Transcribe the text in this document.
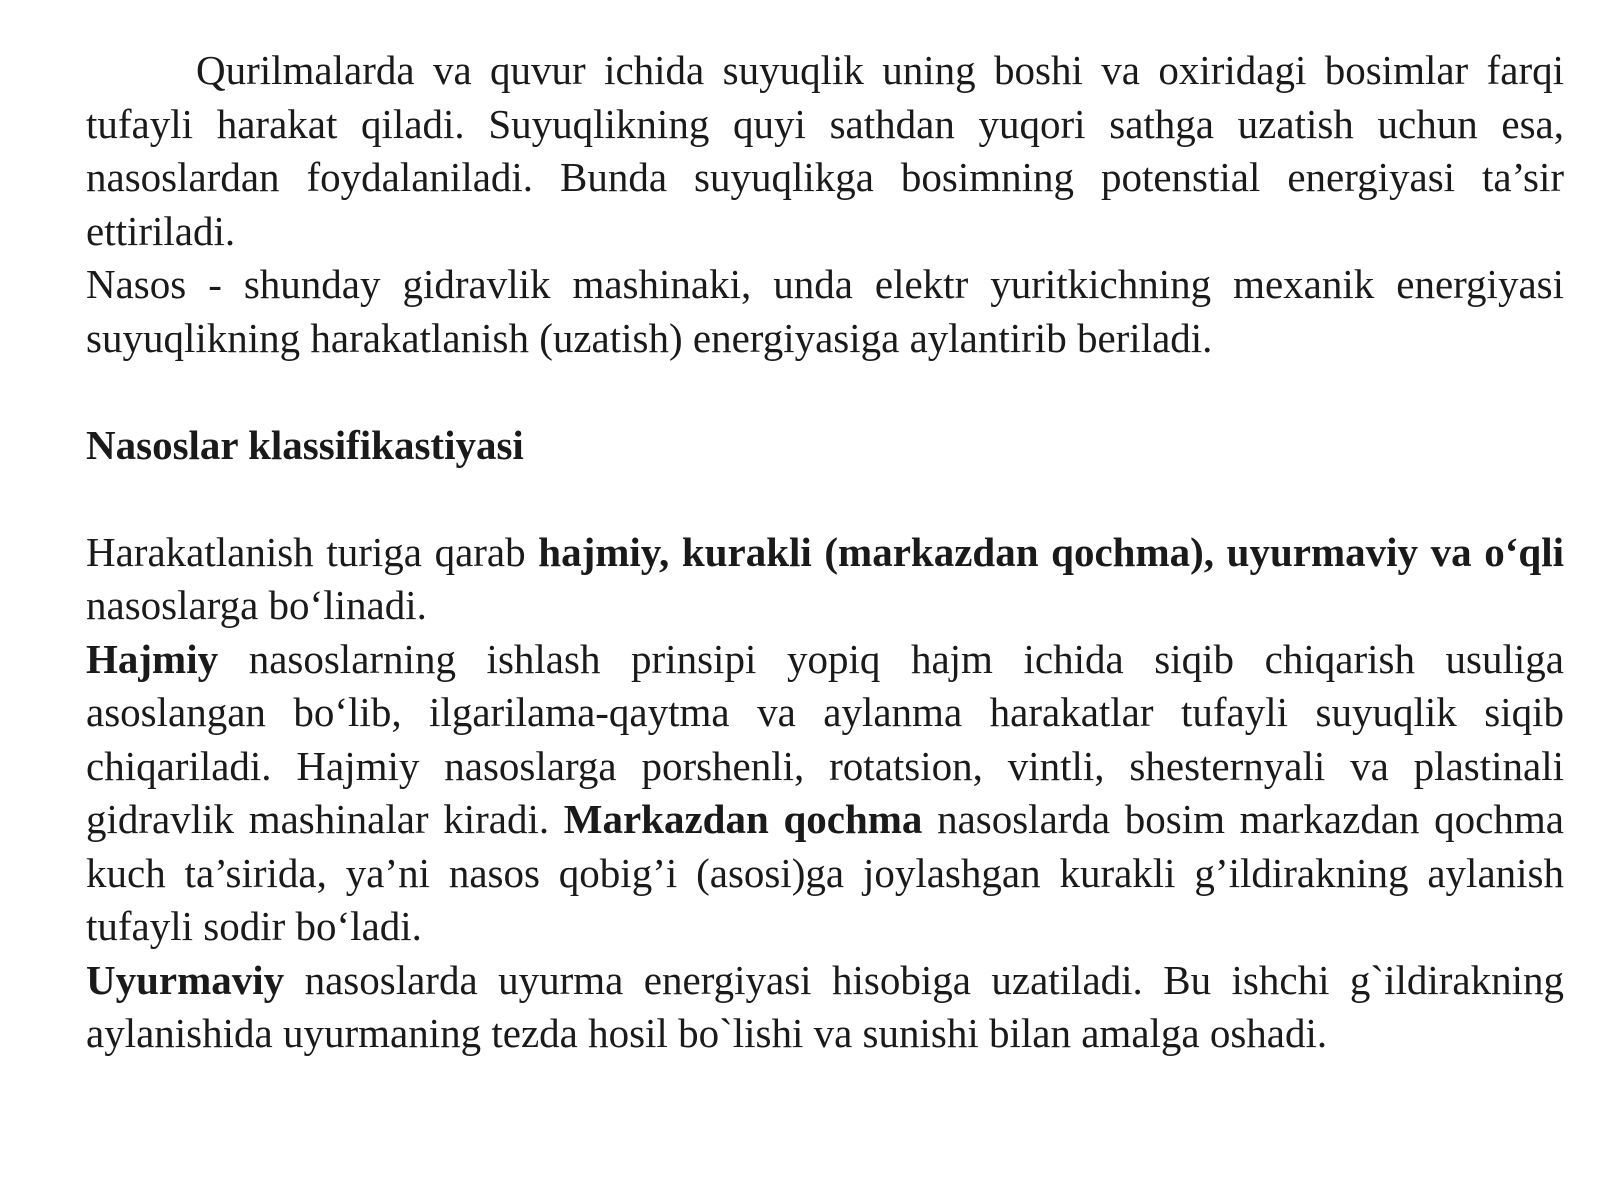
Qurilmalarda va quvur ichida suyuqlik uning boshi va oxiridagi bosimlar farqi tufayli harakat qiladi. Suyuqlikning quyi sathdan yuqori sathga uzatish uchun esa, nasoslardan foydalaniladi. Bunda suyuqlikga bosimning potenstial energiyasi ta’sir ettiriladi.

Nasos - shunday gidravlik mashinaki, unda elektr yuritkichning mexanik energiyasi suyuqlikning harakatlanish (uzatish) energiyasiga aylantirib beriladi.

Nasoslar klassifikastiyasi

Harakatlanish turiga qarab hajmiy, kurakli (markazdan qochma), uyurmaviy va o‘qli nasoslarga bo‘linadi.

Hajmiy nasoslarning ishlash prinsipi yopiq hajm ichida siqib chiqarish usuliga asoslangan bo‘lib, ilgarilama-qaytma va aylanma harakatlar tufayli suyuqlik siqib chiqariladi. Hajmiy nasoslarga porshenli, rotatsion, vintli, shesternyali va plastinali gidravlik mashinalar kiradi. Markazdan qochma nasoslarda bosim markazdan qochma kuch ta’sirida, ya’ni nasos qobig’i (asosi)ga joylashgan kurakli g’ildirakning aylanish tufayli sodir bo‘ladi.

Uyurmaviy nasoslarda uyurma energiyasi hisobiga uzatiladi. Bu ishchi g`ildirakning aylanishida uyurmaning tezda hosil bo`lishi va sunishi bilan amalga oshadi.
